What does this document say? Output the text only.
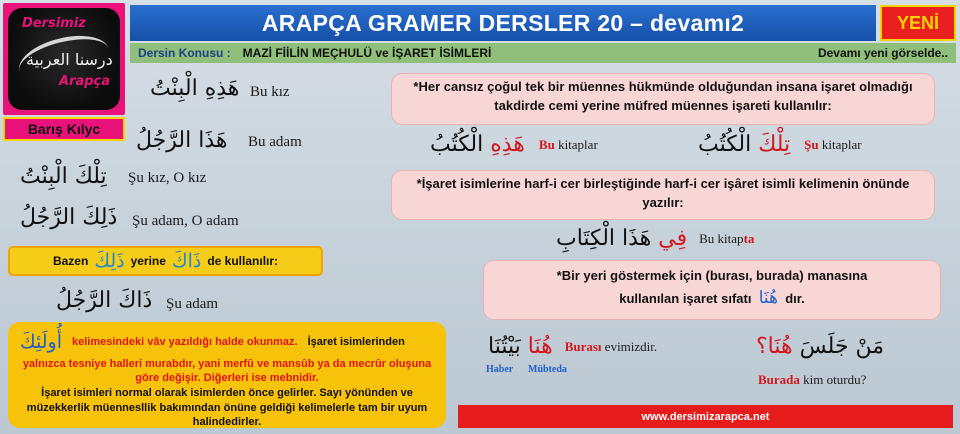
Dersimiz
درسنا العربية
Arapça
Barış Kılyc
ARAPÇA GRAMER DERSLER 20 – devamı2	YENİ
Dersin Konusu : MAZİ FİİLİN MEÇHULÜ ve İŞARET İSİMLERİ	Devamı yeni görselde..
هَذِهِ الْبِنْتُ Bu kız
هَذَا الرَّجُلُ Bu adam
تِلْكَ الْبِنْتُ Şu kız, O kız
ذَلِكَ الرَّجُلُ Şu adam, O adam
Bazen ذَلِكَ yerine ذَاكَ de kullanılır:
ذَاكَ الرَّجُلُ Şu adam
أُولَئِكَ kelimesindeki vâv yazıldığı halde okunmaz. İşaret isimlerinden
yalnızca tesniye halleri murabdır, yani merfû ve mansûb ya da mecrûr oluşuna göre değişir. Diğerleri ise mebnidir.
İşaret isimleri normal olarak isimlerden önce gelirler. Sayı yönünden ve müzekkerlik müennesllik bakımından önüne geldiği kelimelerle tam bir uyum halindedirler.
*Her cansız çoğul tek bir müennes hükmünde olduğundan insana işaret olmadığı takdirde cemi yerine müfred müennes işareti kullanılır:
هَذِهِ الْكُتُبُ	Bu kitaplar	تِلْكَ الْكُتُبُ	Şu kitaplar
*İşaret isimlerine harf-i cer birleştiğinde harf-i cer işâret isimli kelimenin önünde yazılır:
فِي هَذَا الْكِتَابِ	Bu kitapta
*Bir yeri göstermek için (burası, burada) manasına
kullanılan işaret sıfatı هُنَا dır.
هُنَا بَيْتُنَا	Burası evimizdir.
Haber Mübteda
مَنْ جَلَسَ هُنَا؟
Burada kim oturdu?
www.dersimizarapca.net
